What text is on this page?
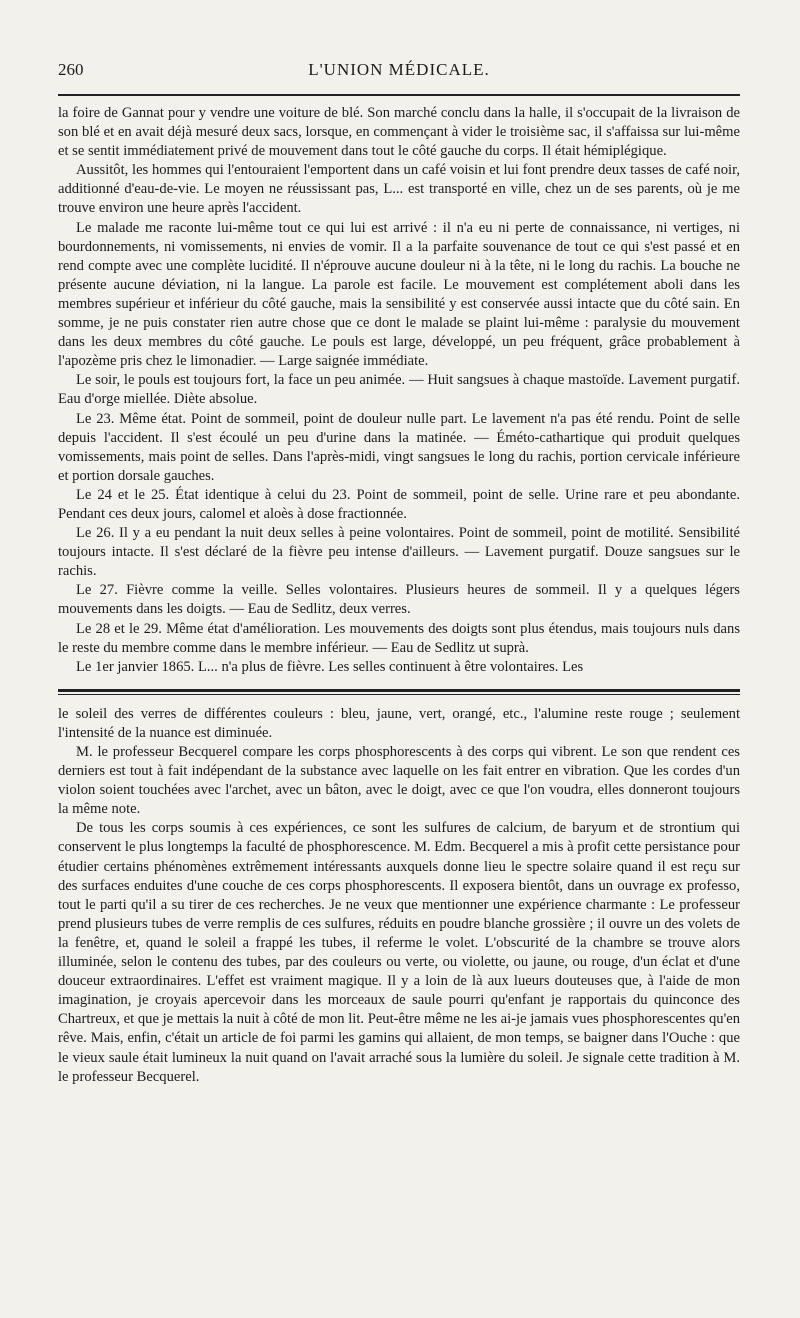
260	L'UNION MÉDICALE.

la foire de Gannat pour y vendre une voiture de blé. Son marché conclu dans la halle, il s'occupait de la livraison de son blé et en avait déjà mesuré deux sacs, lorsque, en commençant à vider le troisième sac, il s'affaissa sur lui-même et se sentit immédiatement privé de mouvement dans tout le côté gauche du corps. Il était hémiplégique.

Aussitôt, les hommes qui l'entouraient l'emportent dans un café voisin et lui font prendre deux tasses de café noir, additionné d'eau-de-vie. Le moyen ne réussissant pas, L... est transporté en ville, chez un de ses parents, où je me trouve environ une heure après l'accident.

Le malade me raconte lui-même tout ce qui lui est arrivé : il n'a eu ni perte de connaissance, ni vertiges, ni bourdonnements, ni vomissements, ni envies de vomir. Il a la parfaite souvenance de tout ce qui s'est passé et en rend compte avec une complète lucidité. Il n'éprouve aucune douleur ni à la tête, ni le long du rachis. La bouche ne présente aucune déviation, ni la langue. La parole est facile. Le mouvement est complétement aboli dans les membres supérieur et inférieur du côté gauche, mais la sensibilité y est conservée aussi intacte que du côté sain. En somme, je ne puis constater rien autre chose que ce dont le malade se plaint lui-même : paralysie du mouvement dans les deux membres du côté gauche. Le pouls est large, développé, un peu fréquent, grâce probablement à l'apozème pris chez le limonadier. — Large saignée immédiate.

Le soir, le pouls est toujours fort, la face un peu animée. — Huit sangsues à chaque mastoïde. Lavement purgatif. Eau d'orge miellée. Diète absolue.

Le 23. Même état. Point de sommeil, point de douleur nulle part. Le lavement n'a pas été rendu. Point de selle depuis l'accident. Il s'est écoulé un peu d'urine dans la matinée. — Éméto-cathartique qui produit quelques vomissements, mais point de selles. Dans l'après-midi, vingt sangsues le long du rachis, portion cervicale inférieure et portion dorsale gauches.

Le 24 et le 25. État identique à celui du 23. Point de sommeil, point de selle. Urine rare et peu abondante. Pendant ces deux jours, calomel et aloès à dose fractionnée.

Le 26. Il y a eu pendant la nuit deux selles à peine volontaires. Point de sommeil, point de motilité. Sensibilité toujours intacte. Il s'est déclaré de la fièvre peu intense d'ailleurs. — Lavement purgatif. Douze sangsues sur le rachis.

Le 27. Fièvre comme la veille. Selles volontaires. Plusieurs heures de sommeil. Il y a quelques légers mouvements dans les doigts. — Eau de Sedlitz, deux verres.

Le 28 et le 29. Même état d'amélioration. Les mouvements des doigts sont plus étendus, mais toujours nuls dans le reste du membre comme dans le membre inférieur. — Eau de Sedlitz ut suprà.

Le 1er janvier 1865. L... n'a plus de fièvre. Les selles continuent à être volontaires. Les

le soleil des verres de différentes couleurs : bleu, jaune, vert, orangé, etc., l'alumine reste rouge ; seulement l'intensité de la nuance est diminuée.

M. le professeur Becquerel compare les corps phosphorescents à des corps qui vibrent. Le son que rendent ces derniers est tout à fait indépendant de la substance avec laquelle on les fait entrer en vibration. Que les cordes d'un violon soient touchées avec l'archet, avec un bâton, avec le doigt, avec ce que l'on voudra, elles donneront toujours la même note.

De tous les corps soumis à ces expériences, ce sont les sulfures de calcium, de baryum et de strontium qui conservent le plus longtemps la faculté de phosphorescence. M. Edm. Becquerel a mis à profit cette persistance pour étudier certains phénomènes extrêmement intéressants auxquels donne lieu le spectre solaire quand il est reçu sur des surfaces enduites d'une couche de ces corps phosphorescents. Il exposera bientôt, dans un ouvrage ex professo, tout le parti qu'il a su tirer de ces recherches. Je ne veux que mentionner une expérience charmante : Le professeur prend plusieurs tubes de verre remplis de ces sulfures, réduits en poudre blanche grossière ; il ouvre un des volets de la fenêtre, et, quand le soleil a frappé les tubes, il referme le volet. L'obscurité de la chambre se trouve alors illuminée, selon le contenu des tubes, par des couleurs ou verte, ou violette, ou jaune, ou rouge, d'un éclat et d'une douceur extraordinaires. L'effet est vraiment magique. Il y a loin de là aux lueurs douteuses que, à l'aide de mon imagination, je croyais apercevoir dans les morceaux de saule pourri qu'enfant je rapportais du quinconce des Chartreux, et que je mettais la nuit à côté de mon lit. Peut-être même ne les ai-je jamais vues phosphorescentes qu'en rêve. Mais, enfin, c'était un article de foi parmi les gamins qui allaient, de mon temps, se baigner dans l'Ouche : que le vieux saule était lumineux la nuit quand on l'avait arraché sous la lumière du soleil. Je signale cette tradition à M. le professeur Becquerel.
